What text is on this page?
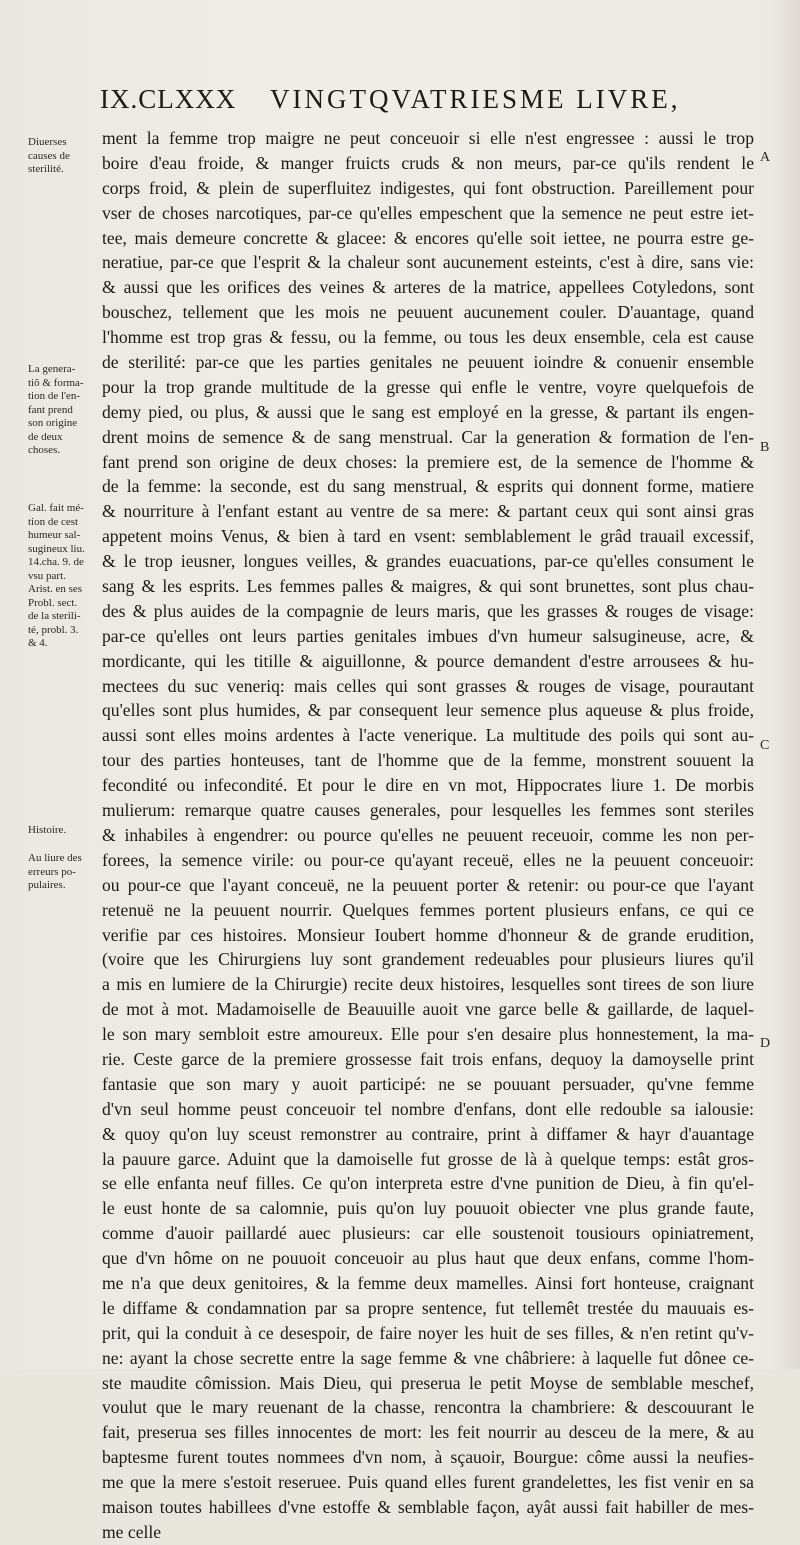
IX.CLXXX VINGTQVATRIESME LIVRE,
Diuerses
causes de
sterilité.
La genera-
tiô & forma-
tion de l'en-
fant prend
son origine
de deux
choses.
Gal. fait mé-
tion de cest
humeur sal-
sugineux liu.
14.cha. 9. de
vsu part.
Arist. en ses
Probl. sect.
de la sterili-
té, probl. 3.
& 4.
Histoire.
Au liure des
erreurs po-
pulaires.
A
B
C
D
ment la femme trop maigre ne peut conceuoir si elle n'est engressee : aussi le trop
boire d'eau froide, & manger fruicts cruds & non meurs, par-ce qu'ils rendent le
corps froid, & plein de superfluitez indigestes, qui font obstruction. Pareillement pour
vser de choses narcotiques, par-ce qu'elles empeschent que la semence ne peut estre iet-
tee, mais demeure concrette & glacee: & encores qu'elle soit iettee, ne pourra estre ge-
neratiue, par-ce que l'esprit & la chaleur sont aucunement esteints, c'est à dire, sans vie:
& aussi que les orifices des veines & arteres de la matrice, appellees Cotyledons, sont
bouschez, tellement que les mois ne peuuent aucunement couler. D'auantage, quand
l'homme est trop gras & fessu, ou la femme, ou tous les deux ensemble, cela est cause
de sterilité: par-ce que les parties genitales ne peuuent ioindre & conuenir ensemble
pour la trop grande multitude de la gresse qui enfle le ventre, voyre quelquefois de
demy pied, ou plus, & aussi que le sang est employé en la gresse, & partant ils engen-
drent moins de semence & de sang menstrual. Car la generation & formation de l'en-
fant prend son origine de deux choses: la premiere est, de la semence de l'homme &
de la femme: la seconde, est du sang menstrual, & esprits qui donnent forme, matiere
& nourriture à l'enfant estant au ventre de sa mere: & partant ceux qui sont ainsi gras
appetent moins Venus, & bien à tard en vsent: semblablement le grâd trauail excessif,
& le trop ieusner, longues veilles, & grandes euacuations, par-ce qu'elles consument le
sang & les esprits. Les femmes palles & maigres, & qui sont brunettes, sont plus chau-
des & plus auides de la compagnie de leurs maris, que les grasses & rouges de visage:
par-ce qu'elles ont leurs parties genitales imbues d'vn humeur salsugineuse, acre, &
mordicante, qui les titille & aiguillonne, & pource demandent d'estre arrousees & hu-
mectees du suc veneriq: mais celles qui sont grasses & rouges de visage, pourautant
qu'elles sont plus humides, & par consequent leur semence plus aqueuse & plus froide,
aussi sont elles moins ardentes à l'acte venerique. La multitude des poils qui sont au-
tour des parties honteuses, tant de l'homme que de la femme, monstrent souuent la
fecondité ou infecondité. Et pour le dire en vn mot, Hippocrates liure 1. De morbis
mulierum: remarque quatre causes generales, pour lesquelles les femmes sont steriles
& inhabiles à engendrer: ou pource qu'elles ne peuuent receuoir, comme les non per-
forees, la semence virile: ou pour-ce qu'ayant receuë, elles ne la peuuent conceuoir:
ou pour-ce que l'ayant conceuë, ne la peuuent porter & retenir: ou pour-ce que l'ayant
retenuë ne la peuuent nourrir. Quelques femmes portent plusieurs enfans, ce qui ce
verifie par ces histoires. Monsieur Ioubert homme d'honneur & de grande erudition,
(voire que les Chirurgiens luy sont grandement redeuables pour plusieurs liures qu'il
a mis en lumiere de la Chirurgie) recite deux histoires, lesquelles sont tirees de son liure
de mot à mot. Madamoiselle de Beauuille auoit vne garce belle & gaillarde, de laquel-
le son mary sembloit estre amoureux. Elle pour s'en desaire plus honnestement, la ma-
rie. Ceste garce de la premiere grossesse fait trois enfans, dequoy la damoyselle print
fantasie que son mary y auoit participé: ne se pouuant persuader, qu'vne femme
d'vn seul homme peust conceuoir tel nombre d'enfans, dont elle redouble sa ialousie:
& quoy qu'on luy sceust remonstrer au contraire, print à diffamer & hayr d'auantage
la pauure garce. Aduint que la damoiselle fut grosse de là à quelque temps: estât gros-
se elle enfanta neuf filles. Ce qu'on interpreta estre d'vne punition de Dieu, à fin qu'el-
le eust honte de sa calomnie, puis qu'on luy pouuoit obiecter vne plus grande faute,
comme d'auoir paillardé auec plusieurs: car elle soustenoit tousiours opiniatrement,
que d'vn hôme on ne pouuoit conceuoir au plus haut que deux enfans, comme l'hom-
me n'a que deux genitoires, & la femme deux mamelles. Ainsi fort honteuse, craignant
le diffame & condamnation par sa propre sentence, fut tellemêt trestée du mauuais es-
prit, qui la conduit à ce desespoir, de faire noyer les huit de ses filles, & n'en retint qu'v-
ne: ayant la chose secrette entre la sage femme & vne châbriere: à laquelle fut dônee ce-
ste maudite cômission. Mais Dieu, qui preserua le petit Moyse de semblable meschef,
voulut que le mary reuenant de la chasse, rencontra la chambriere: & descouurant le
fait, preserua ses filles innocentes de mort: les feit nourrir au desceu de la mere, & au
baptesme furent toutes nommees d'vn nom, à sçauoir, Bourgue: côme aussi la neufies-
me que la mere s'estoit reseruee. Puis quand elles furent grandelettes, les fist venir en sa
maison toutes habillees d'vne estoffe & semblable façon, ayât aussi fait habiller de mes-
me celle
